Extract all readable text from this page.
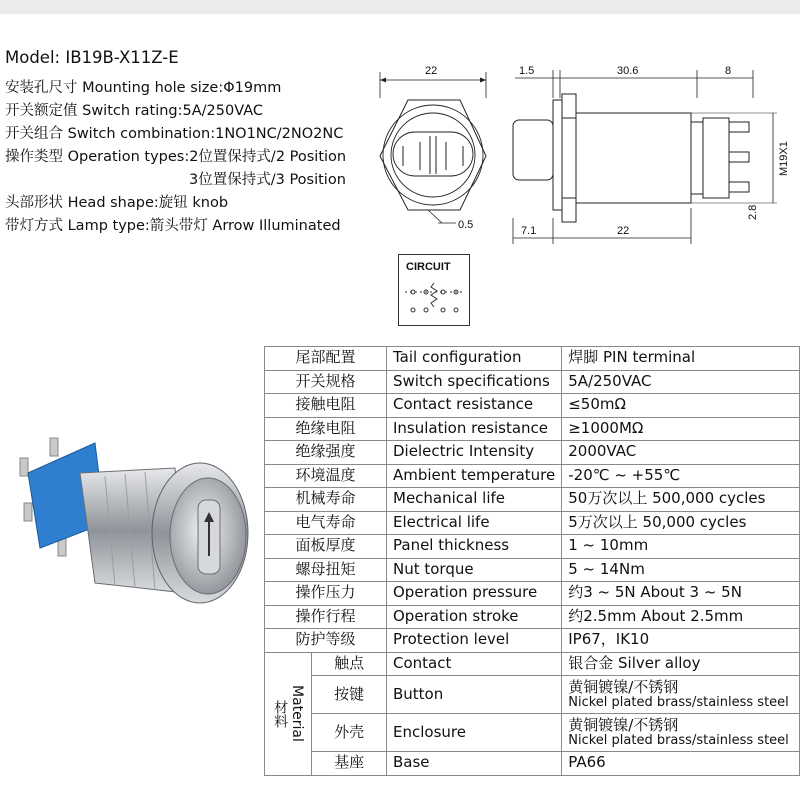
Model: IB19B-X11Z-E
安装孔尺寸 Mounting hole size:Φ19mm
开关额定值 Switch rating:5A/250VAC
开关组合 Switch combination:1NO1NC/2NO2NC
操作类型 Operation types:2位置保持式/2 Position
3位置保持式/3 Position
头部形状 Head shape:旋钮 knob
带灯方式 Lamp type:箭头带灯 Arrow Illuminated
22
0.5
1.5	30.6	8
M19X1
2.8
7.1	22
CIRCUIT
尾部配置		Tail configuration	焊脚 PIN terminal
开关规格		Switch specifications	5A/250VAC
接触电阻		Contact resistance	≤50mΩ
绝缘电阻		Insulation resistance	≥1000MΩ
绝缘强度		Dielectric Intensity	2000VAC
环境温度		Ambient temperature	-20℃ ~ +55℃
机械寿命		Mechanical life	50万次以上 500,000 cycles
电气寿命		Electrical life	5万次以上 50,000 cycles
面板厚度		Panel thickness	1 ~ 10mm
螺母扭矩		Nut torque	5 ~ 14Nm
操作压力		Operation pressure	约3 ~ 5N About 3 ~ 5N
操作行程		Operation stroke	约2.5mm About 2.5mm
防护等级		Protection level	IP67，IK10

材料 Material	触点	Contact	银合金 Silver alloy
	按键	Button	黄铜镀镍/不锈钢
Nickel plated brass/stainless steel

	外壳	Enclosure	黄铜镀镍/不锈钢
Nickel plated brass/stainless steel

	基座	Base	PA66
